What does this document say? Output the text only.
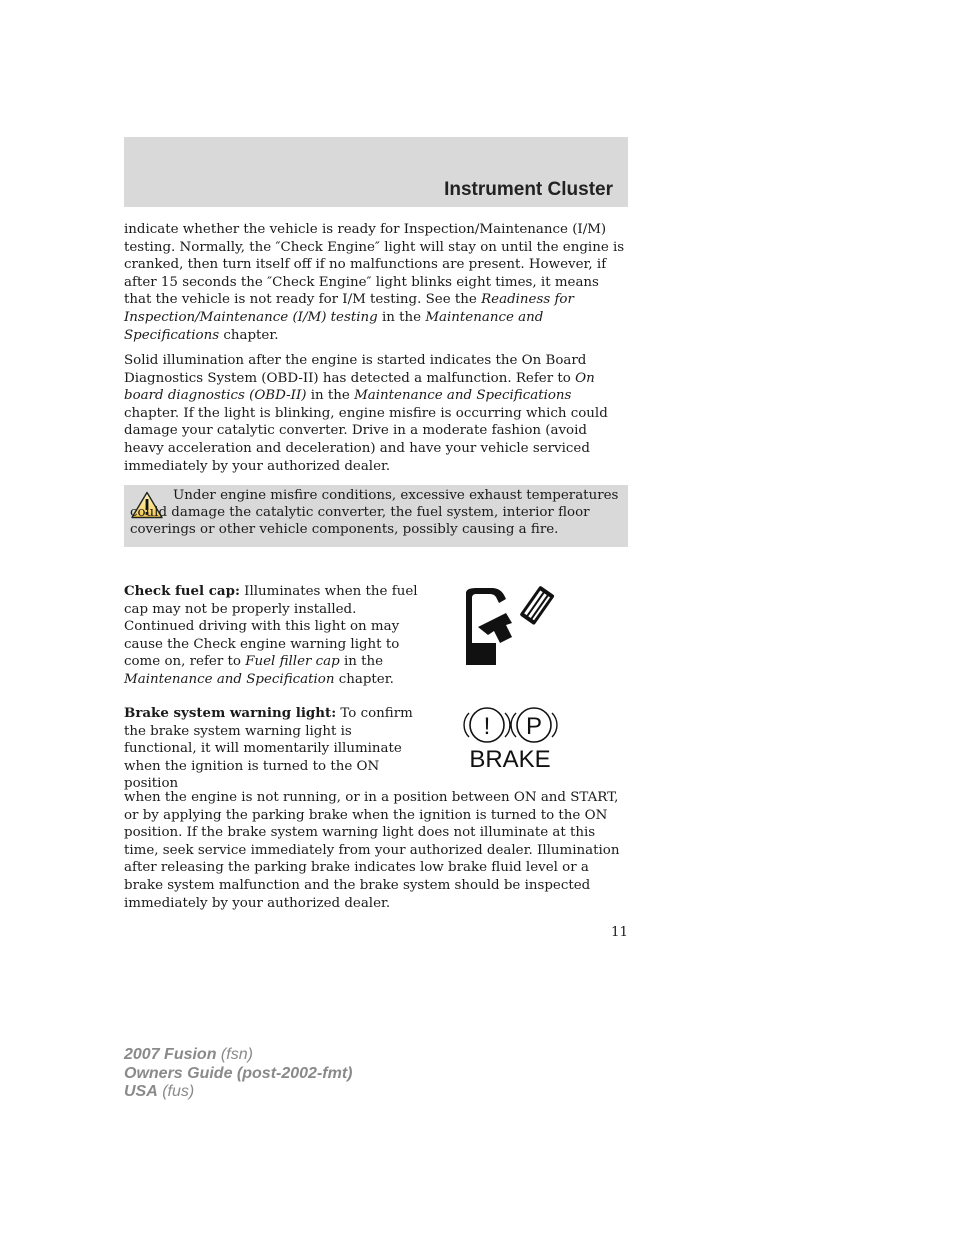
Instrument Cluster

indicate whether the vehicle is ready for Inspection/Maintenance (I/M) testing. Normally, the ″Check Engine″ light will stay on until the engine is cranked, then turn itself off if no malfunctions are present. However, if after 15 seconds the ″Check Engine″ light blinks eight times, it means that the vehicle is not ready for I/M testing. See the Readiness for Inspection/Maintenance (I/M) testing in the Maintenance and Specifications chapter.

Solid illumination after the engine is started indicates the On Board Diagnostics System (OBD-II) has detected a malfunction. Refer to On board diagnostics (OBD-II) in the Maintenance and Specifications chapter. If the light is blinking, engine misfire is occurring which could damage your catalytic converter. Drive in a moderate fashion (avoid heavy acceleration and deceleration) and have your vehicle serviced immediately by your authorized dealer.

Under engine misfire conditions, excessive exhaust temperatures could damage the catalytic converter, the fuel system, interior floor coverings or other vehicle components, possibly causing a fire.

Check fuel cap: Illuminates when the fuel cap may not be properly installed. Continued driving with this light on may cause the Check engine warning light to come on, refer to Fuel filler cap in the Maintenance and Specification chapter.

Brake system warning light: To confirm the brake system warning light is functional, it will momentarily illuminate when the ignition is turned to the ON position

when the engine is not running, or in a position between ON and START, or by applying the parking brake when the ignition is turned to the ON position. If the brake system warning light does not illuminate at this time, seek service immediately from your authorized dealer. Illumination after releasing the parking brake indicates low brake fluid level or a brake system malfunction and the brake system should be inspected immediately by your authorized dealer.

! P
BRAKE
11
2007 Fusion (fsn)
Owners Guide (post-2002-fmt)
USA (fus)
